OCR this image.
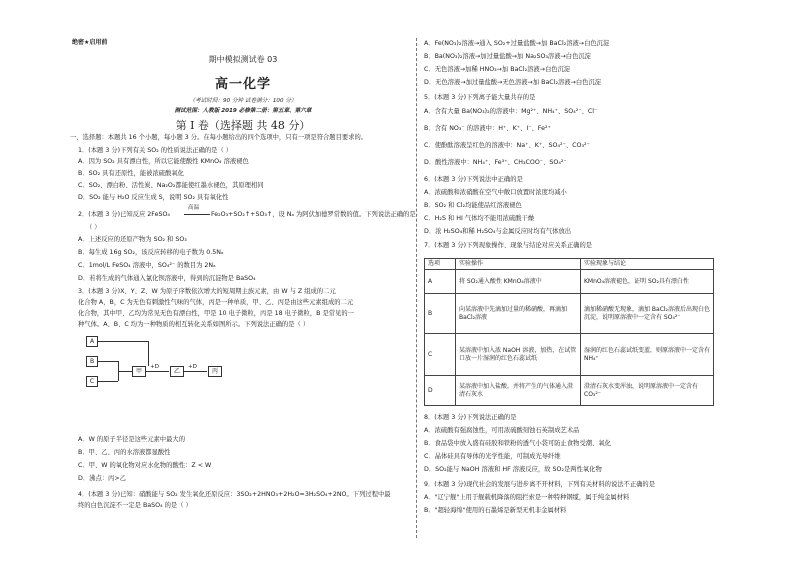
绝密★启用前
期中模拟测试卷 03
高一化学
（考试时间：90 分钟 试卷满分：100 分）
测试范围：人教版 2019 必修第二册：第五章、第六章
第 I 卷（选择题 共 48 分）
一、选择题：本题共 16 个小题，每小题 3 分。在每小题给出的四个选项中，只有一项是符合题目要求的。
1．(本题 3 分)下列有关 SO₂ 的性质说法正确的是（ ）
A．因为 SO₂ 具有漂白性，所以它能使酸性 KMnO₄ 溶液褪色
B．SO₂ 具有还原性，能被浓硫酸氧化
C．SO₂、漂白粉、活性炭、Na₂O₂都能使红墨水褪色，其原理相同
D．SO₂ 能与 H₂O 反应生成 S，说明 SO₂ 具有氧化性
2．(本题 3 分)已知反应 2FeSO₄
高温
Fe₂O₃+SO₂↑+SO₃↑，设 Nₐ 为阿伏加德罗常数的值。下列说法正确的是
（ ）
A．上述反应的还原产物为 SO₂ 和 SO₃
B．每生成 16g SO₂，该反应转移的电子数为 0.5Nₐ
C．1mol/L FeSO₄ 溶液中，SO₄²⁻ 的数目为 2Nₐ
D．若将生成的气体通入氯化钡溶液中，得到的沉淀物是 BaSO₄
3．(本题 3 分)X、Y、Z、W 为原子序数依次增大的短周期主族元素，由 W 与 Z 组成的二元
化合物 A，B，C 为无色有刺激性气味的气体，丙是一种单质，甲、乙、丙是由这些元素组成的二元
化合物，其中甲、乙均为常见无色有漂白性，甲是 10 电子微粒，丙是 18 电子微粒，B 是常见的一
种气体。A、B、C 均为一种物质的相互转化关系如图所示。下列说法正确的是（ ）
A
B
C
甲
+D
乙
+D
丙
A．W 的原子半径是这些元素中最大的
B．甲、乙、丙的水溶液都显酸性
C．甲、W 的氧化物对应水化物的酸性：Z < W
D．沸点：丙>乙
4．(本题 3 分)已知：硝酸能与 SO₂ 发生氧化还原反应：3SO₂+2HNO₃+2H₂O=3H₂SO₄+2NO。下列过程中最
终的白色沉淀不一定是 BaSO₄ 的是（ ）
A．Fe(NO₃)₂溶液→通入 SO₂+过量盐酸→加 BaCl₂溶液→白色沉淀
B．Ba(NO₃)₂溶液→加过量盐酸→加 Na₂SO₃溶液→白色沉淀
C．无色溶液→加稀 HNO₃→加 BaCl₂溶液→白色沉淀
D．无色溶液→加过量盐酸→无色溶液→加 BaCl₂溶液→白色沉淀
5．(本题 3 分)下列离子能大量共存的是
A．含有大量 Ba(NO₃)₂的溶液中：Mg²⁺、NH₄⁺、SO₄²⁻、Cl⁻
B．含有 NO₃⁻ 的溶液中：H⁺、K⁺、I⁻、Fe²⁺
C．使酚酞溶液呈红色的溶液中：Na⁺、K⁺、SO₄²⁻、CO₃²⁻
D．酸性溶液中：NH₄⁺、Fe³⁺、CH₃COO⁻、SO₄²⁻
6．(本题 3 分)下列说法中正确的是
A．浓硫酸和浓硝酸在空气中敞口放置时浓度均减小
B．SO₂ 和 Cl₂均能使品红溶液褪色
C．H₂S 和 HI 气体均不能用浓硫酸干燥
D．浓 H₂SO₄和稀 H₂SO₄与金属反应时均有气体放出
7．(本题 3 分)下列现象操作、现象与结论对应关系正确的是
选项	实验操作	实验现象与结论
A	将 SO₂通入酸性 KMnO₄溶液中	KMnO₄溶液褪色，证明 SO₂具有漂白性
B	向某溶液中先滴加过量的稀硝酸，再滴加 BaCl₂溶液	滴加稀硝酸无现象，滴加 BaCl₂溶液后出现白色沉淀，说明原溶液中一定含有 SO₄²⁻
C	某溶液中加入浓 NaOH 溶液，加热，在试管口放一片湿润的红色石蕊试纸	湿润的红色石蕊试纸变蓝，则原溶液中一定含有 NH₄⁺
D	某溶液中加入盐酸，并将产生的气体通入澄清石灰水	澄清石灰水变浑浊，说明原溶液中一定含有 CO₃²⁻
8．(本题 3 分)下列说法正确的是
A．浓硫酸有强腐蚀性，可用浓硫酸刻蚀石英制成艺术品
B．食品袋中放入盛有硅胶和铁粉的透气小袋可防止食物受潮、氧化
C．晶体硅具有导体的光学性能，可制成光导纤维
D．SO₂能与 NaOH 溶液和 HF 溶液反应，故 SO₂是两性氧化物
9．(本题 3 分)现代社会的发展与进步离不开材料，下列有关材料的说法不正确的是
A．"辽宁舰"上用于舰载机降落的阻拦索是一种特种钢缆，属于纯金属材料
B．"超轻海绵"使用的石墨烯是新型无机非金属材料
